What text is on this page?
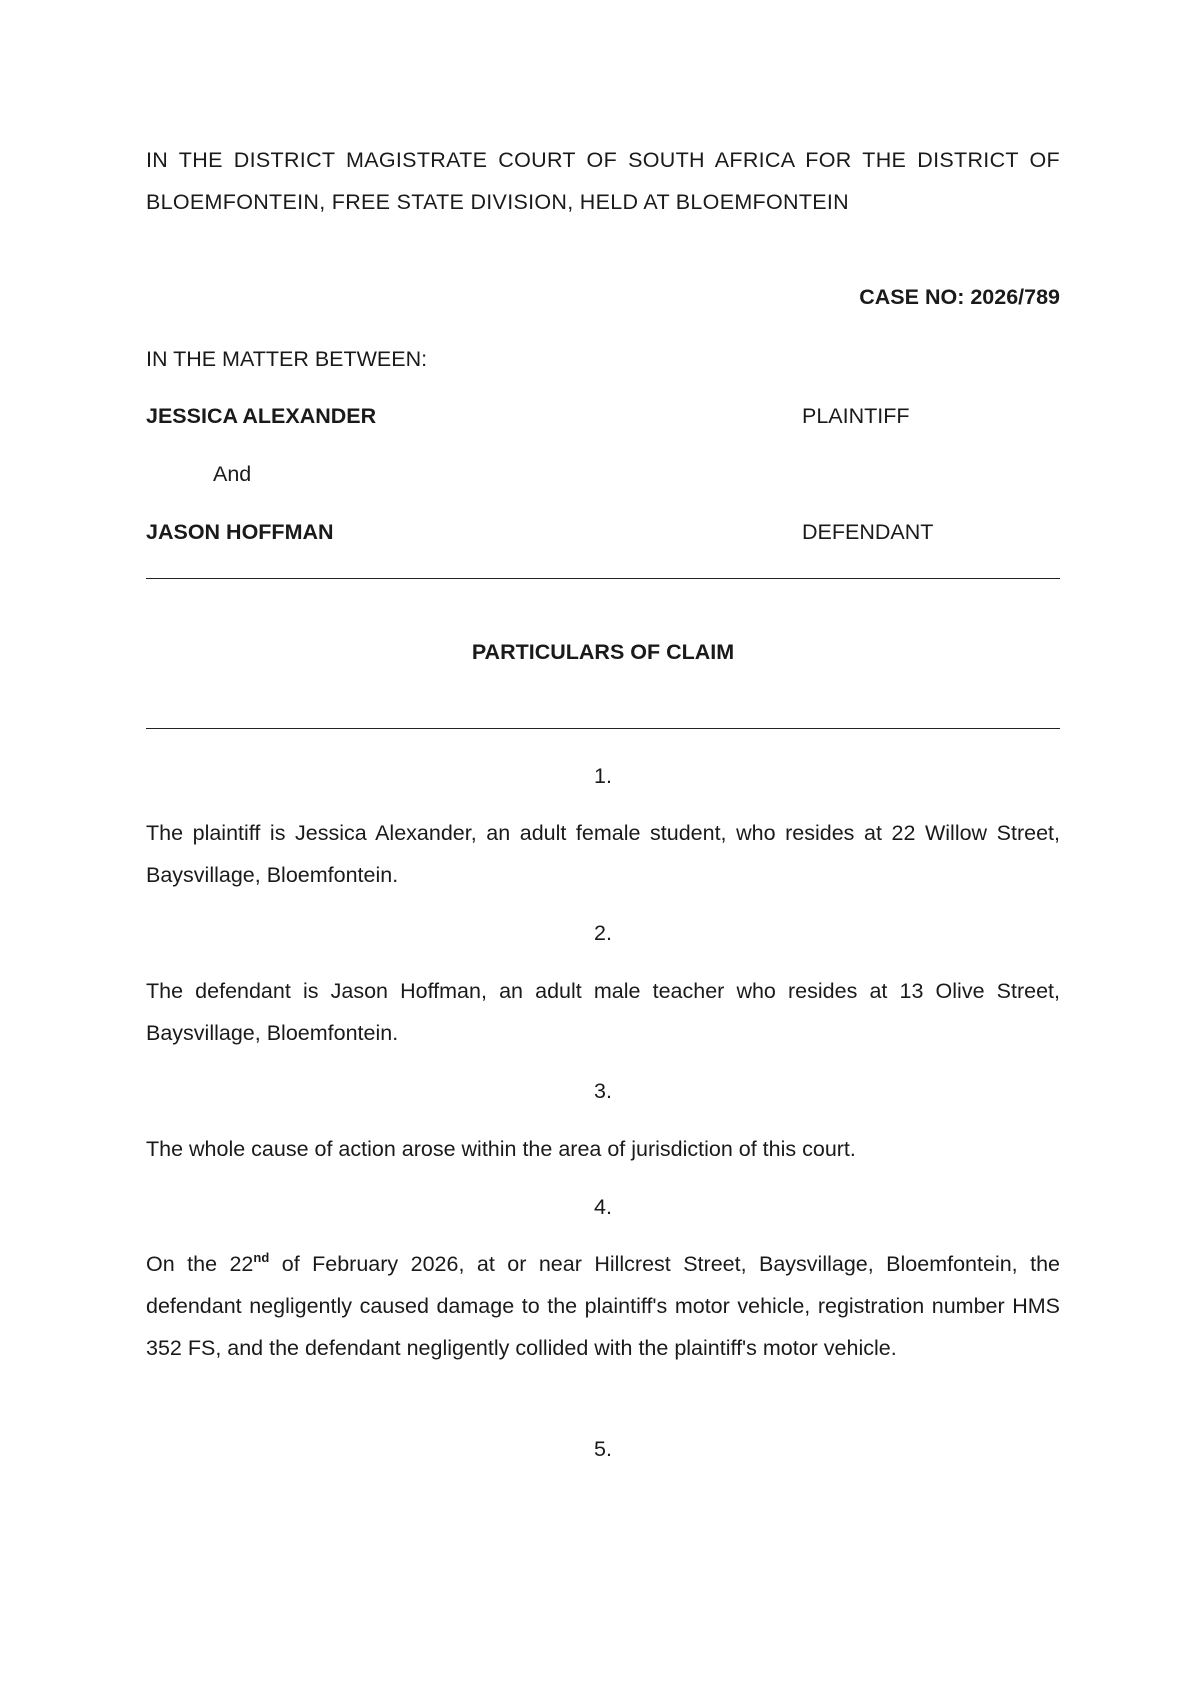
IN THE DISTRICT MAGISTRATE COURT OF SOUTH AFRICA FOR THE DISTRICT OF BLOEMFONTEIN, FREE STATE DIVISION, HELD AT BLOEMFONTEIN
CASE NO: 2026/789
IN THE MATTER BETWEEN:
JESSICA ALEXANDER	PLAINTIFF
And
JASON HOFFMAN	DEFENDANT
PARTICULARS OF CLAIM
1.
The plaintiff is Jessica Alexander, an adult female student, who resides at 22 Willow Street, Baysvillage, Bloemfontein.
2.
The defendant is Jason Hoffman, an adult male teacher who resides at 13 Olive Street, Baysvillage, Bloemfontein.
3.
The whole cause of action arose within the area of jurisdiction of this court.
4.
On the 22nd of February 2026, at or near Hillcrest Street, Baysvillage, Bloemfontein, the defendant negligently caused damage to the plaintiff's motor vehicle, registration number HMS 352 FS, and the defendant negligently collided with the plaintiff's motor vehicle.
5.
